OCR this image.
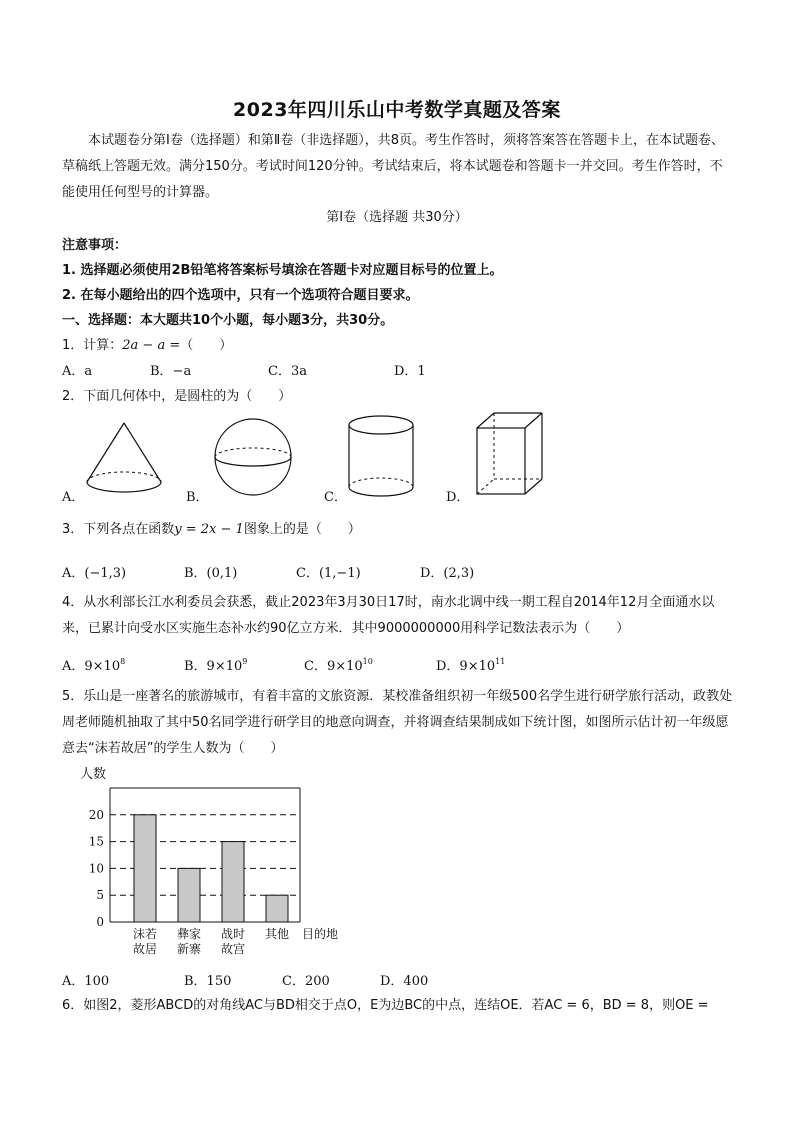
2023年四川乐山中考数学真题及答案

本试题卷分第Ⅰ卷（选择题）和第Ⅱ卷（非选择题），共8页。考生作答时，须将答案答在答题卡上，在本试题卷、草稿纸上答题无效。满分150分。考试时间120分钟。考试结束后，将本试题卷和答题卡一并交回。考生作答时，不能使用任何型号的计算器。

第Ⅰ卷（选择题 共30分）
注意事项：
1. 选择题必须使用2B铅笔将答案标号填涂在答题卡对应题目标号的位置上。
2. 在每小题给出的四个选项中，只有一个选项符合题目要求。
一、选择题：本大题共10个小题，每小题3分，共30分。
1．计算：2a − a =（　　）
A．a	B．−a	C．3a	D．1
2．下面几何体中，是圆柱的为（　　）
A．	B．	C．	D．
3．下列各点在函数y = 2x − 1图象上的是（　　）
A．(−1,3)	B．(0,1)	C．(1,−1)	D．(2,3)

4．从水利部长江水利委员会获悉，截止2023年3月30日17时，南水北调中线一期工程自2014年12月全面通水以来，已累计向受水区实施生态补水约90亿立方米．其中9000000000用科学记数法表示为（　　）

A．$9\times 10^8$	B．$9\times 10^9$	C．$9\times 10^{10}$	D．$9\times 10^{11}$

5．乐山是一座著名的旅游城市，有着丰富的文旅资源．某校准备组织初一年级500名学生进行研学旅行活动，政教处周老师随机抽取了其中50名同学进行研学目的地意向调查，并将调查结果制成如下统计图，如图所示估计初一年级愿意去“沫若故居”的学生人数为（　　）

人数
0
5
10
15
20
沫若
故居
彝家
新寨
战时
故宫
其他 目的地
A．100	B．150	C．200	D．400
6．如图2，菱形ABCD的对角线AC与BD相交于点O，E为边BC的中点，连结OE．若AC = 6，BD = 8，则OE =
